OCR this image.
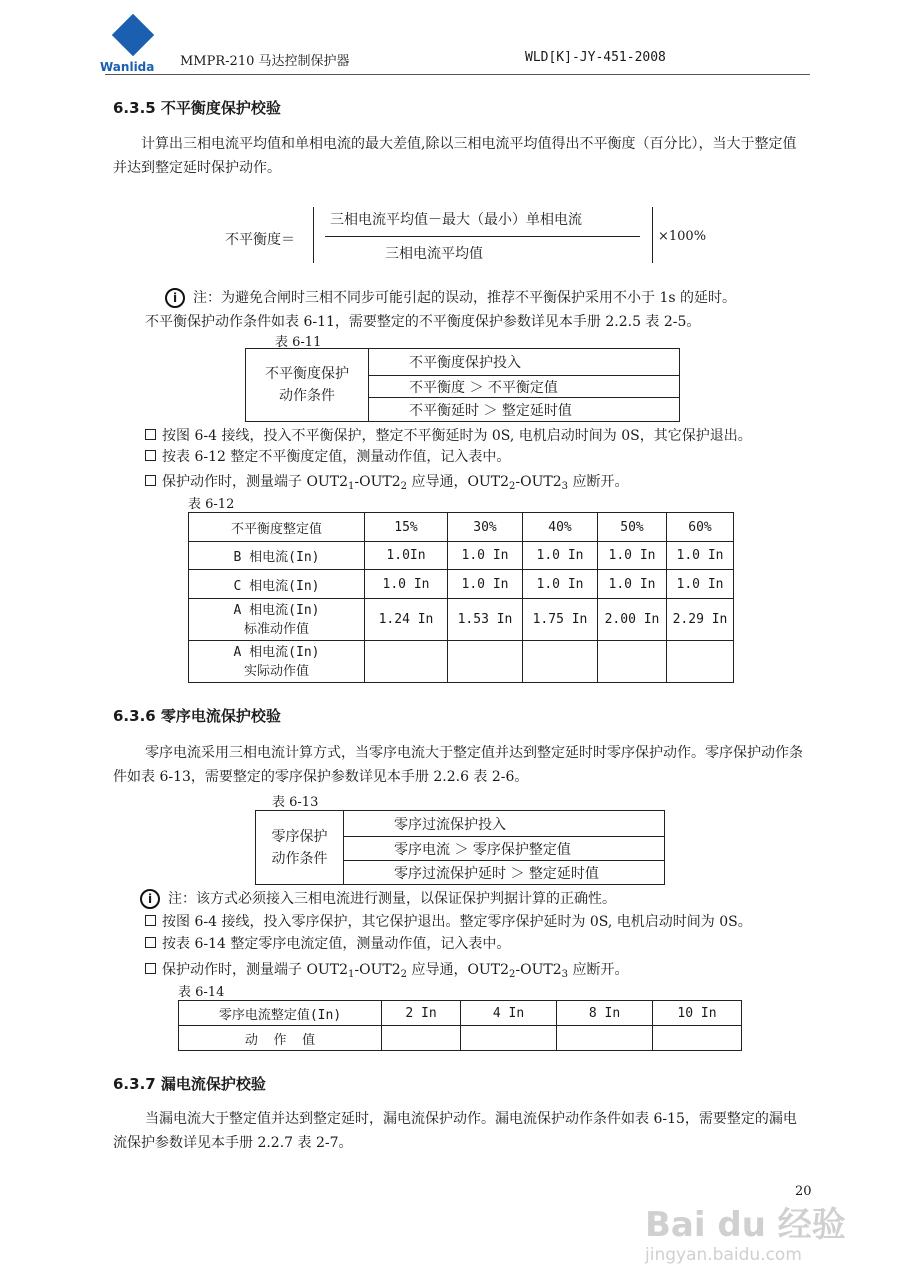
Wanlida MMPR-210 马达控制保护器	WLD[K]-JY-451-2008
6.3.5 不平衡度保护校验
计算出三相电流平均值和单相电流的最大差值,除以三相电流平均值得出不平衡度（百分比），当大于整定值并达到整定延时保护动作。
不平衡度＝
三相电流平均值－最大（最小）单相电流
三相电流平均值
×100%
i 注：为避免合闸时三相不同步可能引起的误动，推荐不平衡保护采用不小于 1s 的延时。
不平衡保护动作条件如表 6-11，需要整定的不平衡度保护参数详见本手册 2.2.5 表 2-5。
表 6-11
不平衡度保护
动作条件	不平衡度保护投入
不平衡度 ＞ 不平衡定值
不平衡延时 ＞ 整定延时值
按图 6-4 接线，投入不平衡保护，整定不平衡延时为 0S, 电机启动时间为 0S，其它保护退出。
按表 6-12 整定不平衡度定值，测量动作值，记入表中。
保护动作时，测量端子 $OUT2_1-OUT2_2$ 应导通，$OUT2_2-OUT2_3$ 应断开。
表 6-12
不平衡度整定值	15%	30%	40%	50%	60%
B 相电流(In)	1.0In	1.0 In	1.0 In	1.0 In	1.0 In
C 相电流(In)	1.0 In	1.0 In	1.0 In	1.0 In	1.0 In
A 相电流(In)
标准动作值	1.24 In	1.53 In	1.75 In	2.00 In	2.29 In
A 相电流(In)
实际动作值					
6.3.6 零序电流保护校验
零序电流采用三相电流计算方式，当零序电流大于整定值并达到整定延时时零序保护动作。零序保护动作条件如表 6-13，需要整定的零序保护参数详见本手册 2.2.6 表 2-6。
表 6-13
零序保护
动作条件	零序过流保护投入
零序电流 ＞ 零序保护整定值
零序过流保护延时 ＞ 整定延时值
i 注：该方式必须接入三相电流进行测量，以保证保护判据计算的正确性。
按图 6-4 接线，投入零序保护，其它保护退出。整定零序保护延时为 0S, 电机启动时间为 0S。
按表 6-14 整定零序电流定值，测量动作值，记入表中。
保护动作时，测量端子 $OUT2_1-OUT2_2$ 应导通，$OUT2_2-OUT2_3$ 应断开。
表 6-14
零序电流整定值(In)	2 In	4 In	8 In	10 In
动  作  值				
6.3.7 漏电流保护校验
当漏电流大于整定值并达到整定延时，漏电流保护动作。漏电流保护动作条件如表 6-15，需要整定的漏电流保护参数详见本手册 2.2.7 表 2-7。
20
Bai du 经验
jingyan.baidu.com
